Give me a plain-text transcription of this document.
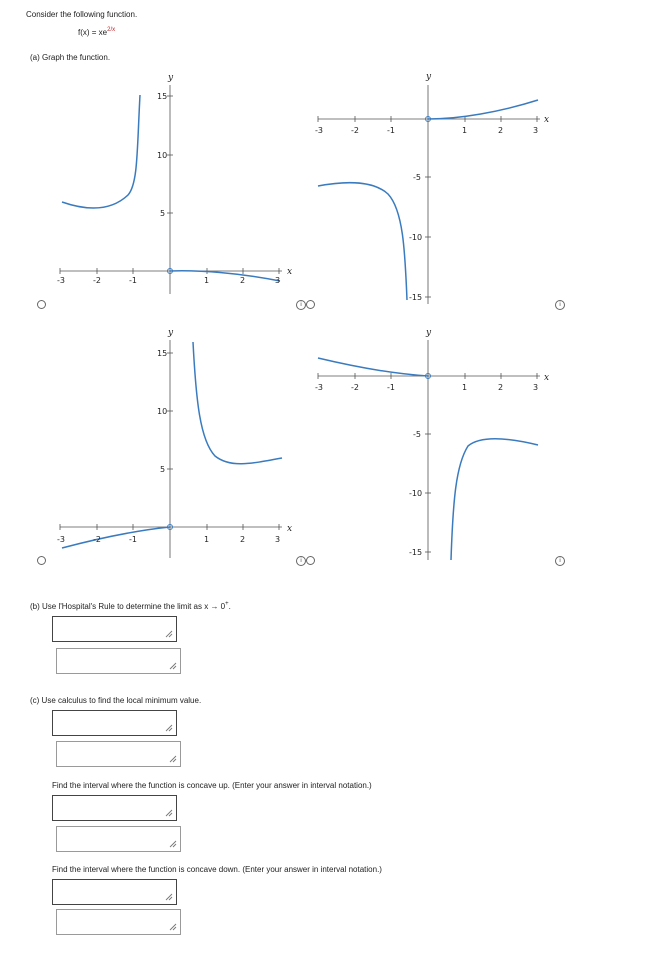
Consider the following function.
$f(x) = xe^{2/x}$
(a) Graph the function.
-3	-2	-1	1	2	3
5
10
15
x
y
i
-3	-2	-1	1	2	3
-5
-10
-15
x
y
i
-3	-2	-1	1	2	3
5
10
15
x
y
i
-3	-2	-1	1	2	3
-5
-10
-15
x
y
i
(b) Use l'Hospital's Rule to determine the limit as x → 0+.
(c) Use calculus to find the local minimum value.
Find the interval where the function is concave up. (Enter your answer in interval notation.)
Find the interval where the function is concave down. (Enter your answer in interval notation.)
